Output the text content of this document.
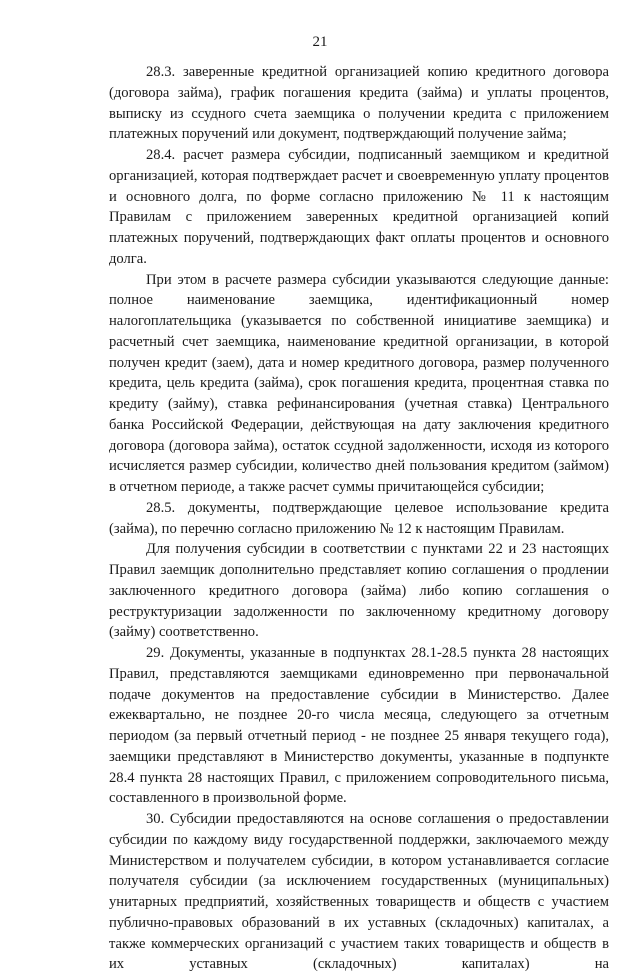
21

28.3. заверенные кредитной организацией копию кредитного договора (договора займа), график погашения кредита (займа) и уплаты процентов, выписку из ссудного счета заемщика о получении кредита с приложением платежных поручений или документ, подтверждающий получение займа;

28.4. расчет размера субсидии, подписанный заемщиком и кредитной организацией, которая подтверждает расчет и своевременную уплату процентов и основного долга, по форме согласно приложению № 11 к настоящим Правилам с приложением заверенных кредитной организацией копий платежных поручений, подтверждающих факт оплаты процентов и основного долга.

При этом в расчете размера субсидии указываются следующие данные: полное наименование заемщика, идентификационный номер налогоплательщика (указывается по собственной инициативе заемщика) и расчетный счет заемщика, наименование кредитной организации, в которой получен кредит (заем), дата и номер кредитного договора, размер полученного кредита, цель кредита (займа), срок погашения кредита, процентная ставка по кредиту (займу), ставка рефинансирования (учетная ставка) Центрального банка Российской Федерации, действующая на дату заключения кредитного договора (договора займа), остаток ссудной задолженности, исходя из которого исчисляется размер субсидии, количество дней пользования кредитом (займом) в отчетном периоде, а также расчет суммы причитающейся субсидии;

28.5. документы, подтверждающие целевое использование кредита (займа), по перечню согласно приложению № 12 к настоящим Правилам.

Для получения субсидии в соответствии с пунктами 22 и 23 настоящих Правил заемщик дополнительно представляет копию соглашения о продлении заключенного кредитного договора (займа) либо копию соглашения о реструктуризации задолженности по заключенному кредитному договору (займу) соответственно.

29. Документы, указанные в подпунктах 28.1-28.5 пункта 28 настоящих Правил, представляются заемщиками единовременно при первоначальной подаче документов на предоставление субсидии в Министерство. Далее ежеквартально, не позднее 20-го числа месяца, следующего за отчетным периодом (за первый отчетный период - не позднее 25 января текущего года), заемщики представляют в Министерство документы, указанные в подпункте 28.4 пункта 28 настоящих Правил, с приложением сопроводительного письма, составленного в произвольной форме.

30. Субсидии предоставляются на основе соглашения о предоставлении субсидии по каждому виду государственной поддержки, заключаемого между Министерством и получателем субсидии, в котором устанавливается согласие получателя субсидии (за исключением государственных (муниципальных) унитарных предприятий, хозяйственных товариществ и обществ с участием публично-правовых образований в их уставных (складочных) капиталах, а также коммерческих организаций с участием таких товариществ и обществ в их уставных (складочных) капиталах) на
